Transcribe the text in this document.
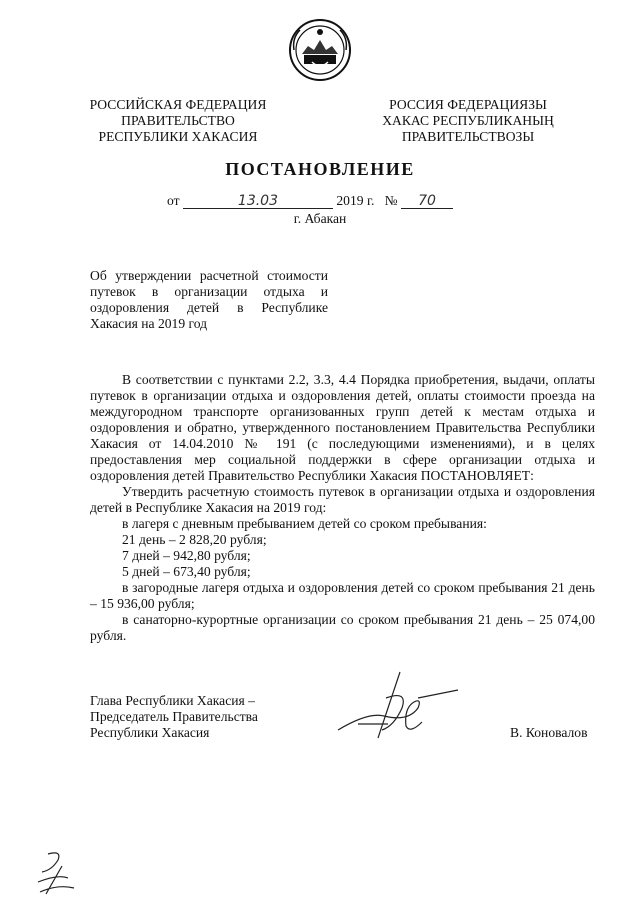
РОССИЙСКАЯ ФЕДЕРАЦИЯ
ПРАВИТЕЛЬСТВО
РЕСПУБЛИКИ ХАКАСИЯ
РОССИЯ ФЕДЕРАЦИЯЗЫ
ХАКАС РЕСПУБЛИКАНЫҢ
ПРАВИТЕЛЬСТВОЗЫ
ПОСТАНОВЛЕНИЕ
от	13.03	2019 г. № 70
г. Абакан
Об утверждении расчетной стоимости путевок в организации отдыха и оздоровления детей в Республике Хакасия на 2019 год

В соответствии с пунктами 2.2, 3.3, 4.4 Порядка приобретения, выдачи, оплаты путевок в организации отдыха и оздоровления детей, оплаты стоимости проезда на междугородном транспорте организованных групп детей к местам отдыха и оздоровления и обратно, утвержденного постановлением Правительства Республики Хакасия от 14.04.2010 № 191 (с последующими изменениями), и в целях предоставления мер социальной поддержки в сфере организации отдыха и оздоровления детей Правительство Республики Хакасия ПОСТАНОВЛЯЕТ:

Утвердить расчетную стоимость путевок в организации отдыха и оздоровления детей в Республике Хакасия на 2019 год:

в лагеря с дневным пребыванием детей со сроком пребывания:

21 день – 2 828,20 рубля;

7 дней – 942,80 рубля;

5 дней – 673,40 рубля;

в загородные лагеря отдыха и оздоровления детей со сроком пребывания 21 день – 15 936,00 рубля;

в санаторно-курортные организации со сроком пребывания 21 день – 25 074,00 рубля.

Глава Республики Хакасия –
Председатель Правительства
Республики Хакасия	В. Коновалов
